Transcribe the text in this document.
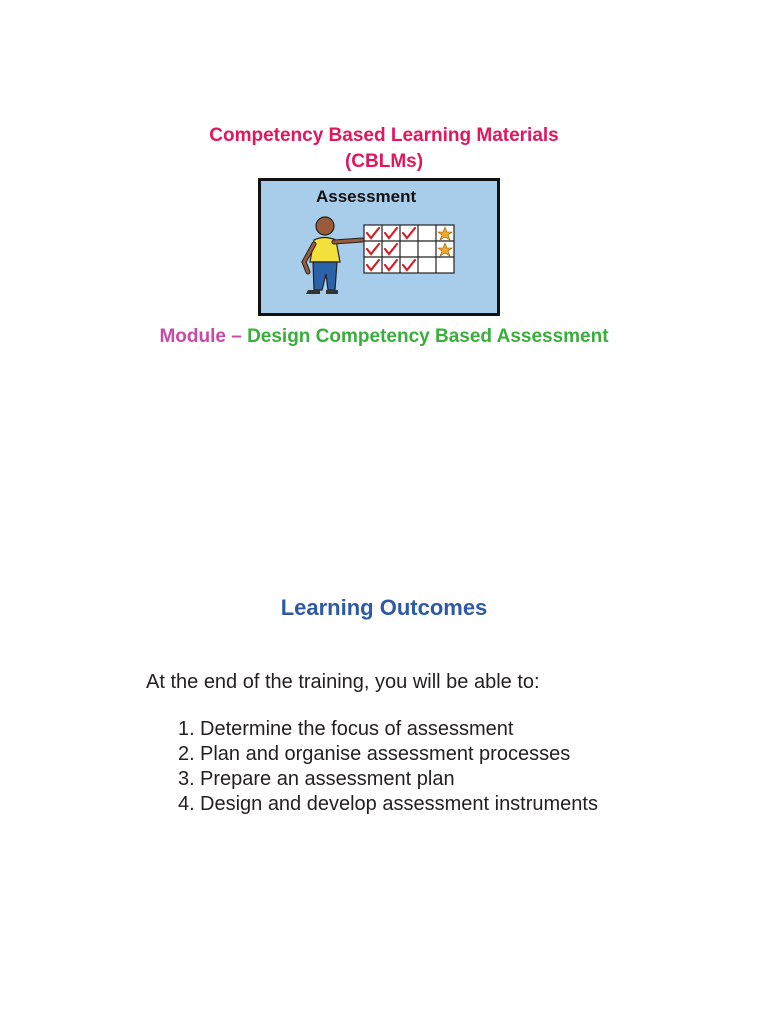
Competency Based Learning Materials
(CBLMs)
Assessment
Module – Design Competency Based Assessment
Learning Outcomes
At the end of the training, you will be able to:
1. Determine the focus of assessment
2. Plan and organise assessment processes
3. Prepare an assessment plan
4. Design and develop assessment instruments
